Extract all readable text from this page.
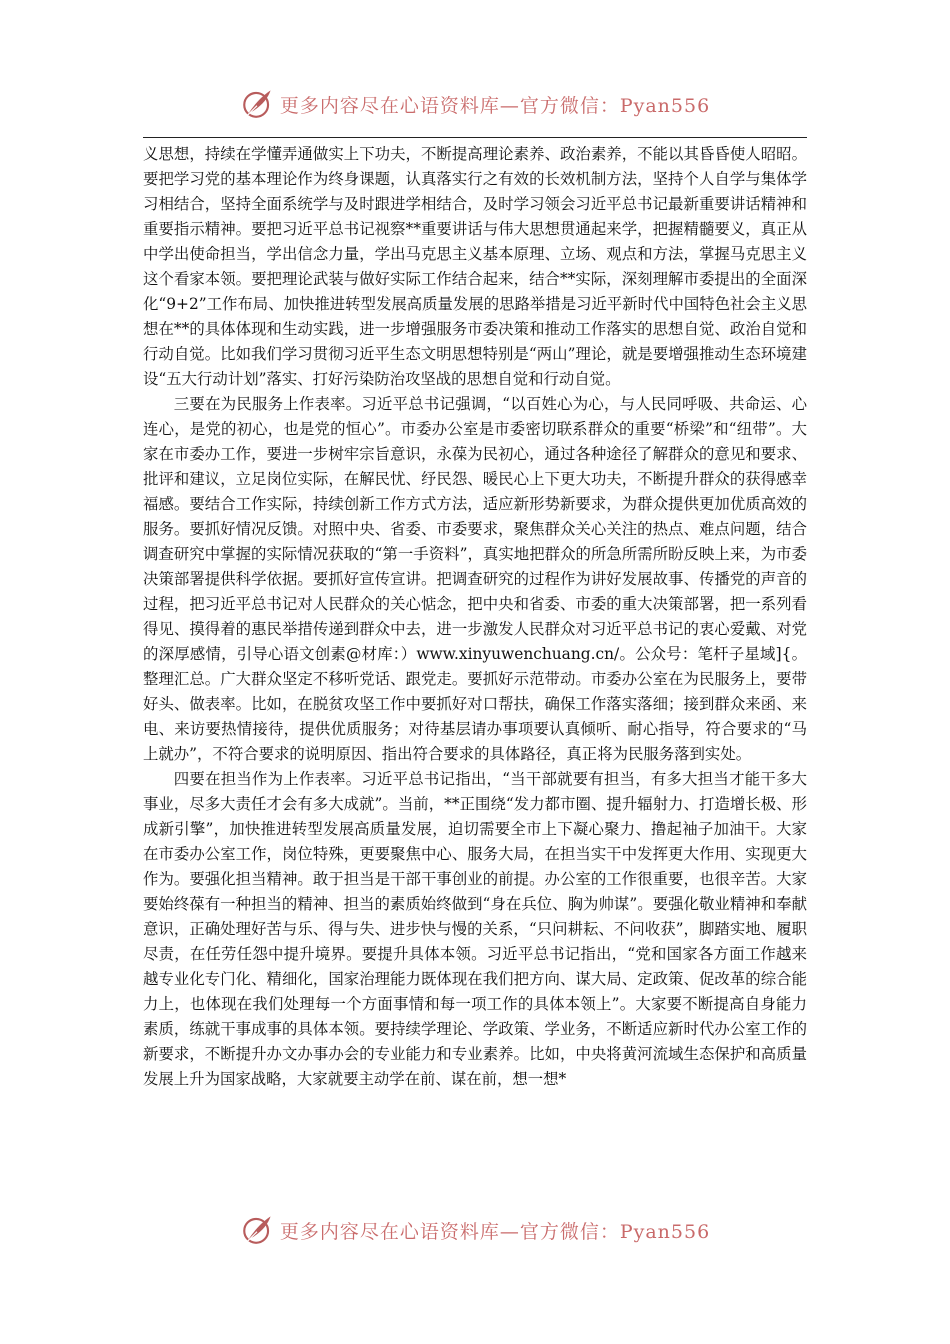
更多内容尽在心语资料库—官方微信：Pyan556

义思想，持续在学懂弄通做实上下功夫，不断提高理论素养、政治素养，不能以其昏昏使人昭昭。要把学习党的基本理论作为终身课题，认真落实行之有效的长效机制方法，坚持个人自学与集体学习相结合，坚持全面系统学与及时跟进学相结合，及时学习领会习近平总书记最新重要讲话精神和重要指示精神。要把习近平总书记视察**重要讲话与伟大思想贯通起来学，把握精髓要义，真正从中学出使命担当，学出信念力量，学出马克思主义基本原理、立场、观点和方法，掌握马克思主义这个看家本领。要把理论武装与做好实际工作结合起来，结合**实际，深刻理解市委提出的全面深化“9+2”工作布局、加快推进转型发展高质量发展的思路举措是习近平新时代中国特色社会主义思想在**的具体体现和生动实践，进一步增强服务市委决策和推动工作落实的思想自觉、政治自觉和行动自觉。比如我们学习贯彻习近平生态文明思想特别是“两山”理论，就是要增强推动生态环境建设“五大行动计划”落实、打好污染防治攻坚战的思想自觉和行动自觉。

三要在为民服务上作表率。习近平总书记强调，“以百姓心为心，与人民同呼吸、共命运、心连心，是党的初心，也是党的恒心”。市委办公室是市委密切联系群众的重要“桥梁”和“纽带”。大家在市委办工作，要进一步树牢宗旨意识，永葆为民初心，通过各种途径了解群众的意见和要求、批评和建议，立足岗位实际，在解民忧、纾民怨、暖民心上下更大功夫，不断提升群众的获得感幸福感。要结合工作实际，持续创新工作方式方法，适应新形势新要求，为群众提供更加优质高效的服务。要抓好情况反馈。对照中央、省委、市委要求，聚焦群众关心关注的热点、难点问题，结合调查研究中掌握的实际情况获取的“第一手资料”，真实地把群众的所急所需所盼反映上来，为市委决策部署提供科学依据。要抓好宣传宣讲。把调查研究的过程作为讲好发展故事、传播党的声音的过程，把习近平总书记对人民群众的关心惦念，把中央和省委、市委的重大决策部署，把一系列看得见、摸得着的惠民举措传递到群众中去，进一步激发人民群众对习近平总书记的衷心爱戴、对党的深厚感情，引导心语文创素@材库：）www.xinyuwenchuang.cn/。公众号：笔杆子星域]{。整理汇总。广大群众坚定不移听党话、跟党走。要抓好示范带动。市委办公室在为民服务上，要带好头、做表率。比如，在脱贫攻坚工作中要抓好对口帮扶，确保工作落实落细；接到群众来函、来电、来访要热情接待，提供优质服务；对待基层请办事项要认真倾听、耐心指导，符合要求的“马上就办”，不符合要求的说明原因、指出符合要求的具体路径，真正将为民服务落到实处。

四要在担当作为上作表率。习近平总书记指出，“当干部就要有担当，有多大担当才能干多大事业，尽多大责任才会有多大成就”。当前，**正围绕“发力都市圈、提升辐射力、打造增长极、形成新引擎”，加快推进转型发展高质量发展，迫切需要全市上下凝心聚力、撸起袖子加油干。大家在市委办公室工作，岗位特殊，更要聚焦中心、服务大局，在担当实干中发挥更大作用、实现更大作为。要强化担当精神。敢于担当是干部干事创业的前提。办公室的工作很重要，也很辛苦。大家要始终葆有一种担当的精神、担当的素质始终做到“身在兵位、胸为帅谋”。要强化敬业精神和奉献意识，正确处理好苦与乐、得与失、进步快与慢的关系，“只问耕耘、不问收获”，脚踏实地、履职尽责，在任劳任怨中提升境界。要提升具体本领。习近平总书记指出，“党和国家各方面工作越来越专业化专门化、精细化，国家治理能力既体现在我们把方向、谋大局、定政策、促改革的综合能力上，也体现在我们处理每一个方面事情和每一项工作的具体本领上”。大家要不断提高自身能力素质，练就干事成事的具体本领。要持续学理论、学政策、学业务，不断适应新时代办公室工作的新要求，不断提升办文办事办会的专业能力和专业素养。比如，中央将黄河流域生态保护和高质量发展上升为国家战略，大家就要主动学在前、谋在前，想一想*

更多内容尽在心语资料库—官方微信：Pyan556
